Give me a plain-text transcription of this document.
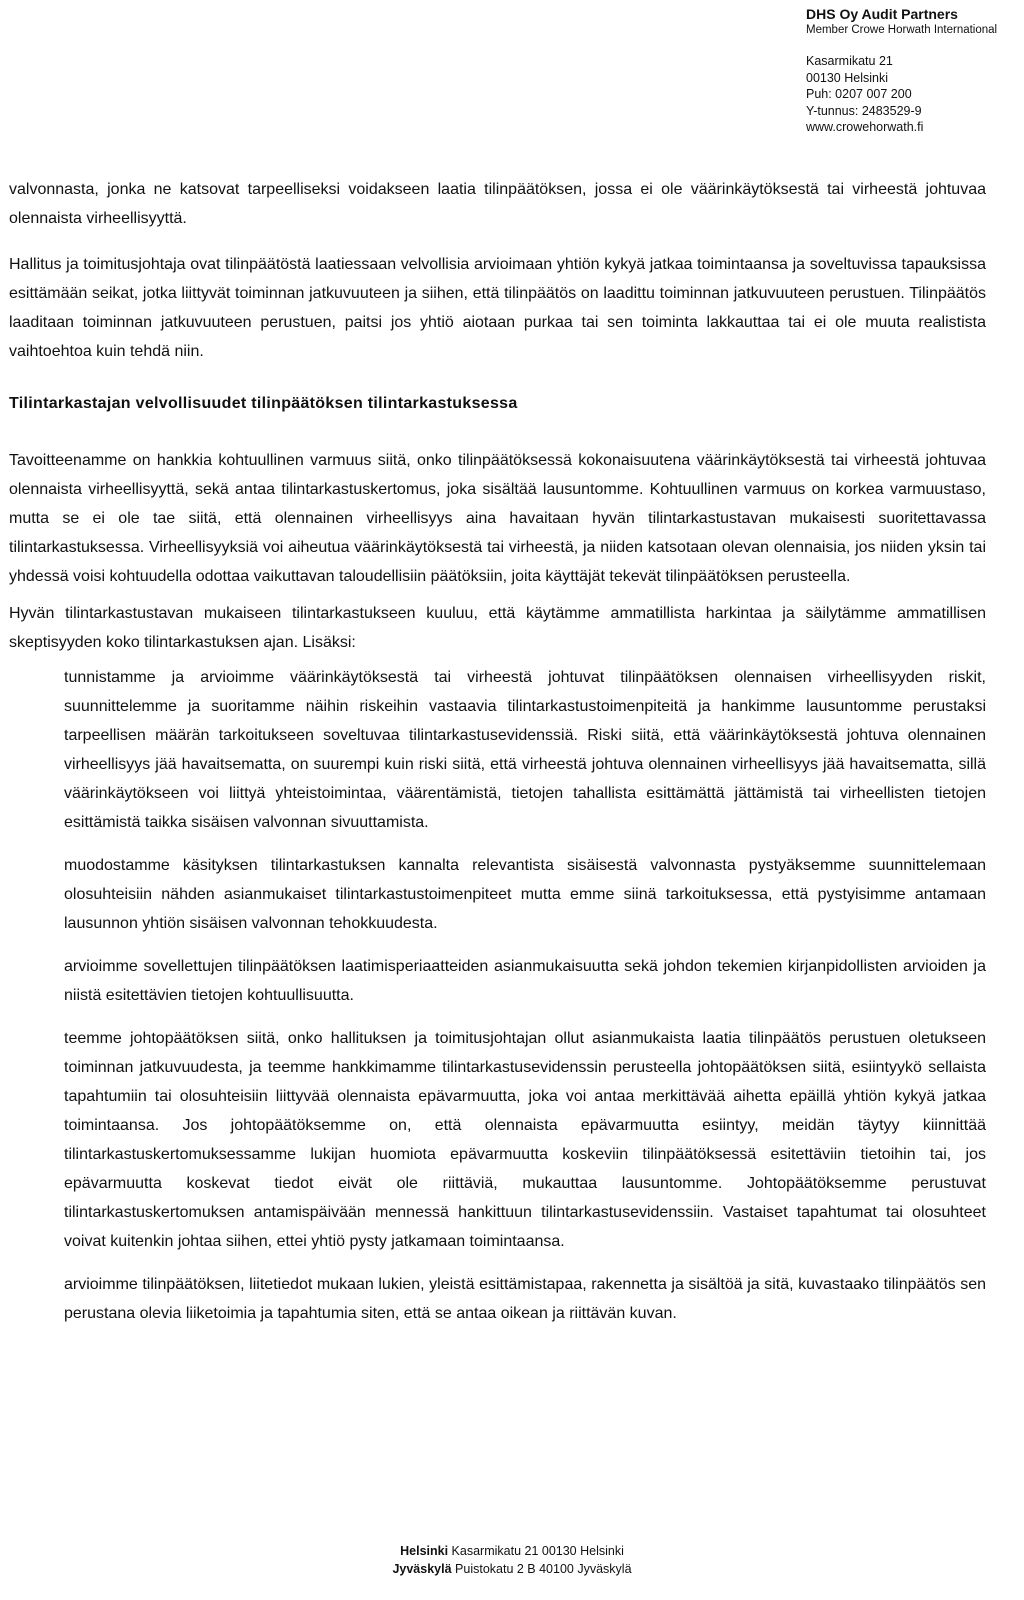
DHS Oy Audit Partners
Member Crowe Horwath International
Kasarmikatu 21
00130 Helsinki
Puh: 0207 007 200
Y-tunnus: 2483529-9
www.crowehorwath.fi

valvonnasta, jonka ne katsovat tarpeelliseksi voidakseen laatia tilinpäätöksen, jossa ei ole väärinkäytöksestä tai virheestä johtuvaa olennaista virheellisyyttä.

Hallitus ja toimitusjohtaja ovat tilinpäätöstä laatiessaan velvollisia arvioimaan yhtiön kykyä jatkaa toimintaansa ja soveltuvissa tapauksissa esittämään seikat, jotka liittyvät toiminnan jatkuvuuteen ja siihen, että tilinpäätös on laadittu toiminnan jatkuvuuteen perustuen. Tilinpäätös laaditaan toiminnan jatkuvuuteen perustuen, paitsi jos yhtiö aiotaan purkaa tai sen toiminta lakkauttaa tai ei ole muuta realistista vaihtoehtoa kuin tehdä niin.

Tilintarkastajan velvollisuudet tilinpäätöksen tilintarkastuksessa

Tavoitteenamme on hankkia kohtuullinen varmuus siitä, onko tilinpäätöksessä kokonaisuutena väärinkäytöksestä tai virheestä johtuvaa olennaista virheellisyyttä, sekä antaa tilintarkastuskertomus, joka sisältää lausuntomme. Kohtuullinen varmuus on korkea varmuustaso, mutta se ei ole tae siitä, että olennainen virheellisyys aina havaitaan hyvän tilintarkastustavan mukaisesti suoritettavassa tilintarkastuksessa. Virheellisyyksiä voi aiheutua väärinkäytöksestä tai virheestä, ja niiden katsotaan olevan olennaisia, jos niiden yksin tai yhdessä voisi kohtuudella odottaa vaikuttavan taloudellisiin päätöksiin, joita käyttäjät tekevät tilinpäätöksen perusteella.

Hyvän tilintarkastustavan mukaiseen tilintarkastukseen kuuluu, että käytämme ammatillista harkintaa ja säilytämme ammatillisen skeptisyyden koko tilintarkastuksen ajan. Lisäksi:

tunnistamme ja arvioimme väärinkäytöksestä tai virheestä johtuvat tilinpäätöksen olennaisen virheellisyyden riskit, suunnittelemme ja suoritamme näihin riskeihin vastaavia tilintarkastustoimenpiteitä ja hankimme lausuntomme perustaksi tarpeellisen määrän tarkoitukseen soveltuvaa tilintarkastusevidenssiä. Riski siitä, että väärinkäytöksestä johtuva olennainen virheellisyys jää havaitsematta, on suurempi kuin riski siitä, että virheestä johtuva olennainen virheellisyys jää havaitsematta, sillä väärinkäytökseen voi liittyä yhteistoimintaa, väärentämistä, tietojen tahallista esittämättä jättämistä tai virheellisten tietojen esittämistä taikka sisäisen valvonnan sivuuttamista.
muodostamme käsityksen tilintarkastuksen kannalta relevantista sisäisestä valvonnasta pystyäksemme suunnittelemaan olosuhteisiin nähden asianmukaiset tilintarkastustoimenpiteet mutta emme siinä tarkoituksessa, että pystyisimme antamaan lausunnon yhtiön sisäisen valvonnan tehokkuudesta.
arvioimme sovellettujen tilinpäätöksen laatimisperiaatteiden asianmukaisuutta sekä johdon tekemien kirjanpidollisten arvioiden ja niistä esitettävien tietojen kohtuullisuutta.
teemme johtopäätöksen siitä, onko hallituksen ja toimitusjohtajan ollut asianmukaista laatia tilinpäätös perustuen oletukseen toiminnan jatkuvuudesta, ja teemme hankkimamme tilintarkastusevidenssin perusteella johtopäätöksen siitä, esiintyykö sellaista tapahtumiin tai olosuhteisiin liittyvää olennaista epävarmuutta, joka voi antaa merkittävää aihetta epäillä yhtiön kykyä jatkaa toimintaansa. Jos johtopäätöksemme on, että olennaista epävarmuutta esiintyy, meidän täytyy kiinnittää tilintarkastuskertomuksessamme lukijan huomiota epävarmuutta koskeviin tilinpäätöksessä esitettäviin tietoihin tai, jos epävarmuutta koskevat tiedot eivät ole riittäviä, mukauttaa lausuntomme. Johtopäätöksemme perustuvat tilintarkastuskertomuksen antamispäivään mennessä hankittuun tilintarkastusevidenssiin. Vastaiset tapahtumat tai olosuhteet voivat kuitenkin johtaa siihen, ettei yhtiö pysty jatkamaan toimintaansa.
arvioimme tilinpäätöksen, liitetiedot mukaan lukien, yleistä esittämistapaa, rakennetta ja sisältöä ja sitä, kuvastaako tilinpäätös sen perustana olevia liiketoimia ja tapahtumia siten, että se antaa oikean ja riittävän kuvan.
Helsinki Kasarmikatu 21 00130 Helsinki
Jyväskylä Puistokatu 2 B 40100 Jyväskylä
